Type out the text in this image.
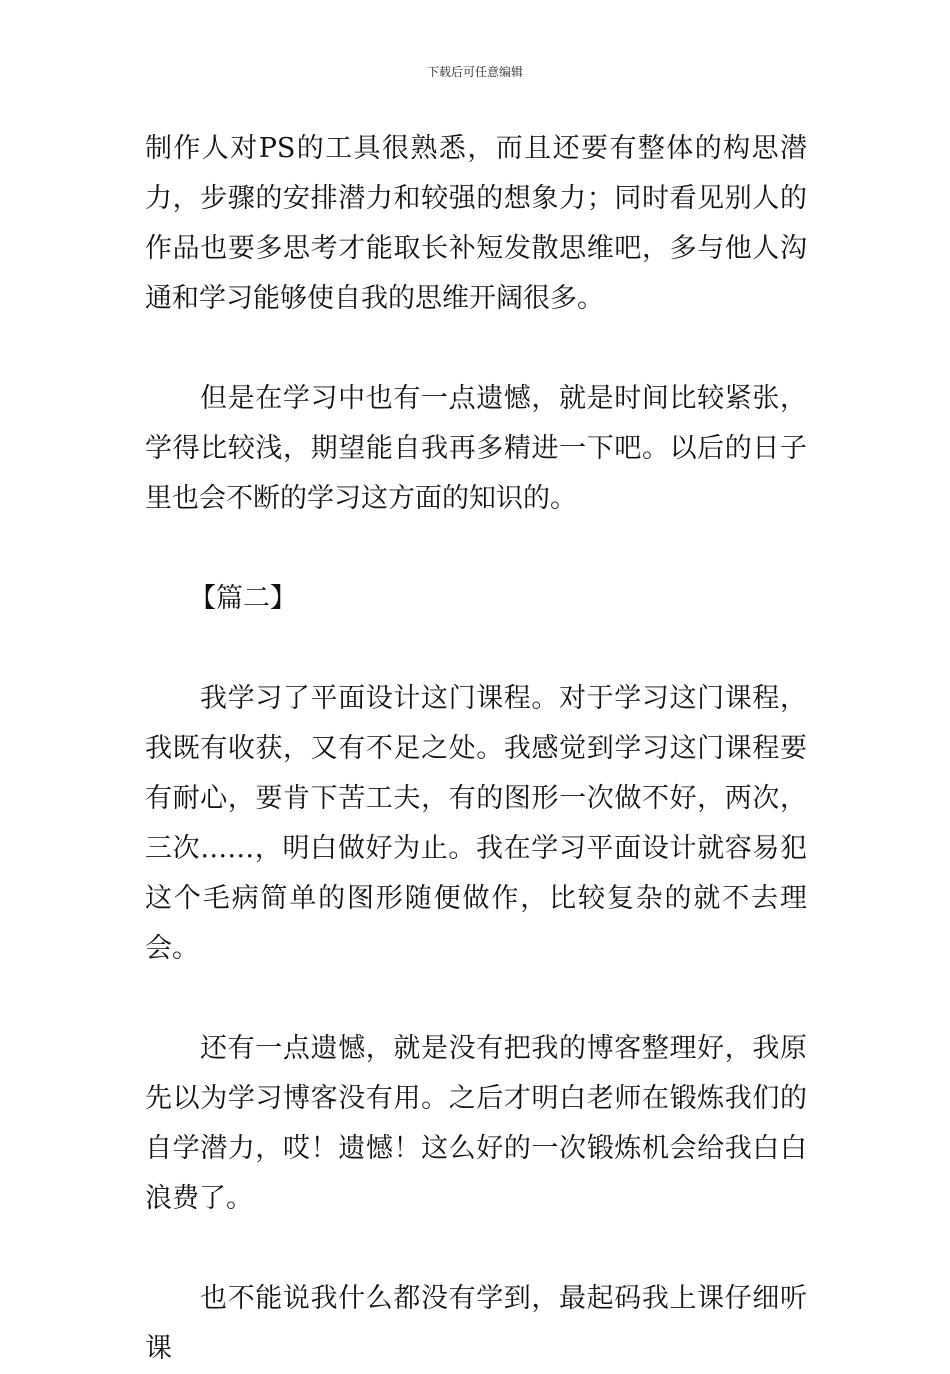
下载后可任意编辑

制作人对PS的工具很熟悉，而且还要有整体的构思潜力，步骤的安排潜力和较强的想象力；同时看见别人的作品也要多思考才能取长补短发散思维吧，多与他人沟通和学习能够使自我的思维开阔很多。

但是在学习中也有一点遗憾，就是时间比较紧张，学得比较浅，期望能自我再多精进一下吧。以后的日子里也会不断的学习这方面的知识的。

【篇二】

我学习了平面设计这门课程。对于学习这门课程，我既有收获，又有不足之处。我感觉到学习这门课程要有耐心，要肯下苦工夫，有的图形一次做不好，两次，三次……，明白做好为止。我在学习平面设计就容易犯这个毛病简单的图形随便做作，比较复杂的就不去理会。

还有一点遗憾，就是没有把我的博客整理好，我原先以为学习博客没有用。之后才明白老师在锻炼我们的自学潜力，哎！遗憾！这么好的一次锻炼机会给我白白浪费了。

也不能说我什么都没有学到，最起码我上课仔细听课
